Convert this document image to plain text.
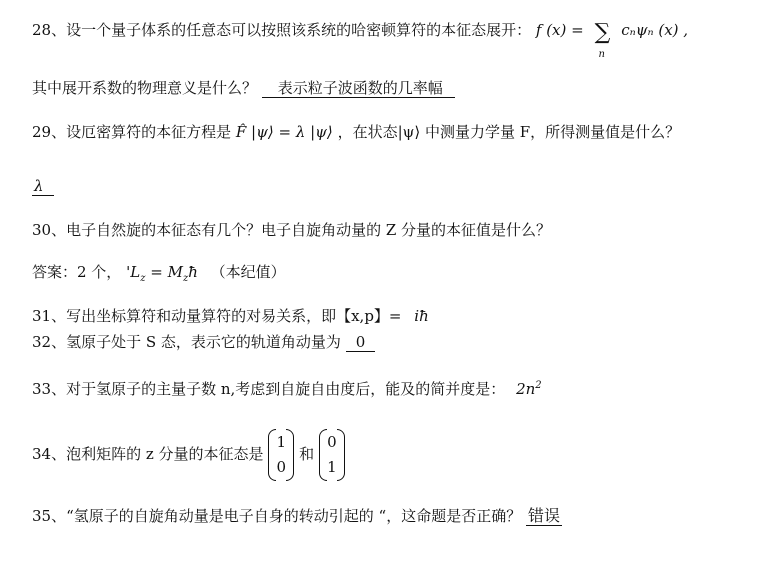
28、设一个量子体系的任意态可以按照该系统的哈密顿算符的本征态展开： f (x) = ∑
n
cₙψₙ (x) ,
其中展开系数的物理意义是什么？ 表示粒子波函数的几率幅
29、设厄密算符的本征方程是 F̂ |ψ⟩ = λ |ψ⟩ ，在状态|ψ⟩ 中测量力学量 F，所得测量值是什么？
λ
30、电子自然旋的本征态有几个？电子自旋角动量的 Z 分量的本征值是什么？
答案：2 个， '$L_z$ = $M_zħ$ （本纪值）
31、写出坐标算符和动量算符的对易关系，即【x,p】= iħ
32、氢原子处于 S 态，表示它的轨道角动量为 0
33、对于氢原子的主量子数 n,考虑到自旋自由度后，能及的简并度是： $2n^2$
34、泡利矩阵的 z 分量的本征态是
1
0
和
0
1
35、“氢原子的自旋角动量是电子自身的转动引起的 “，这命题是否正确？ 错误
